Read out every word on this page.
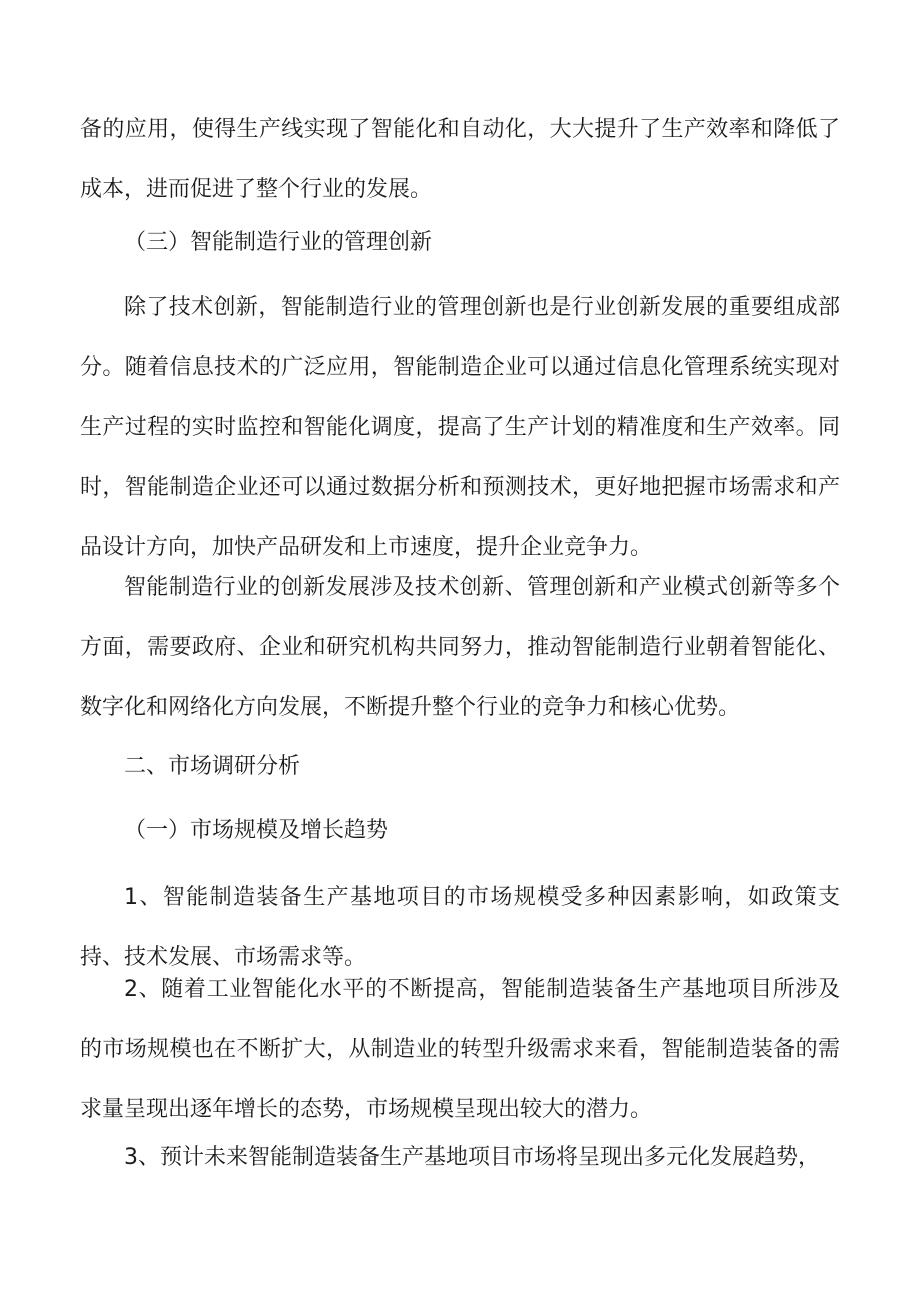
备的应用，使得生产线实现了智能化和自动化，大大提升了生产效率和降低了成本，进而促进了整个行业的发展。

（三）智能制造行业的管理创新

除了技术创新，智能制造行业的管理创新也是行业创新发展的重要组成部分。随着信息技术的广泛应用，智能制造企业可以通过信息化管理系统实现对生产过程的实时监控和智能化调度，提高了生产计划的精准度和生产效率。同时，智能制造企业还可以通过数据分析和预测技术，更好地把握市场需求和产品设计方向，加快产品研发和上市速度，提升企业竞争力。

智能制造行业的创新发展涉及技术创新、管理创新和产业模式创新等多个方面，需要政府、企业和研究机构共同努力，推动智能制造行业朝着智能化、数字化和网络化方向发展，不断提升整个行业的竞争力和核心优势。

二、市场调研分析

（一）市场规模及增长趋势

1、智能制造装备生产基地项目的市场规模受多种因素影响，如政策支持、技术发展、市场需求等。

2、随着工业智能化水平的不断提高，智能制造装备生产基地项目所涉及的市场规模也在不断扩大，从制造业的转型升级需求来看，智能制造装备的需求量呈现出逐年增长的态势，市场规模呈现出较大的潜力。

3、预计未来智能制造装备生产基地项目市场将呈现出多元化发展趋势，
